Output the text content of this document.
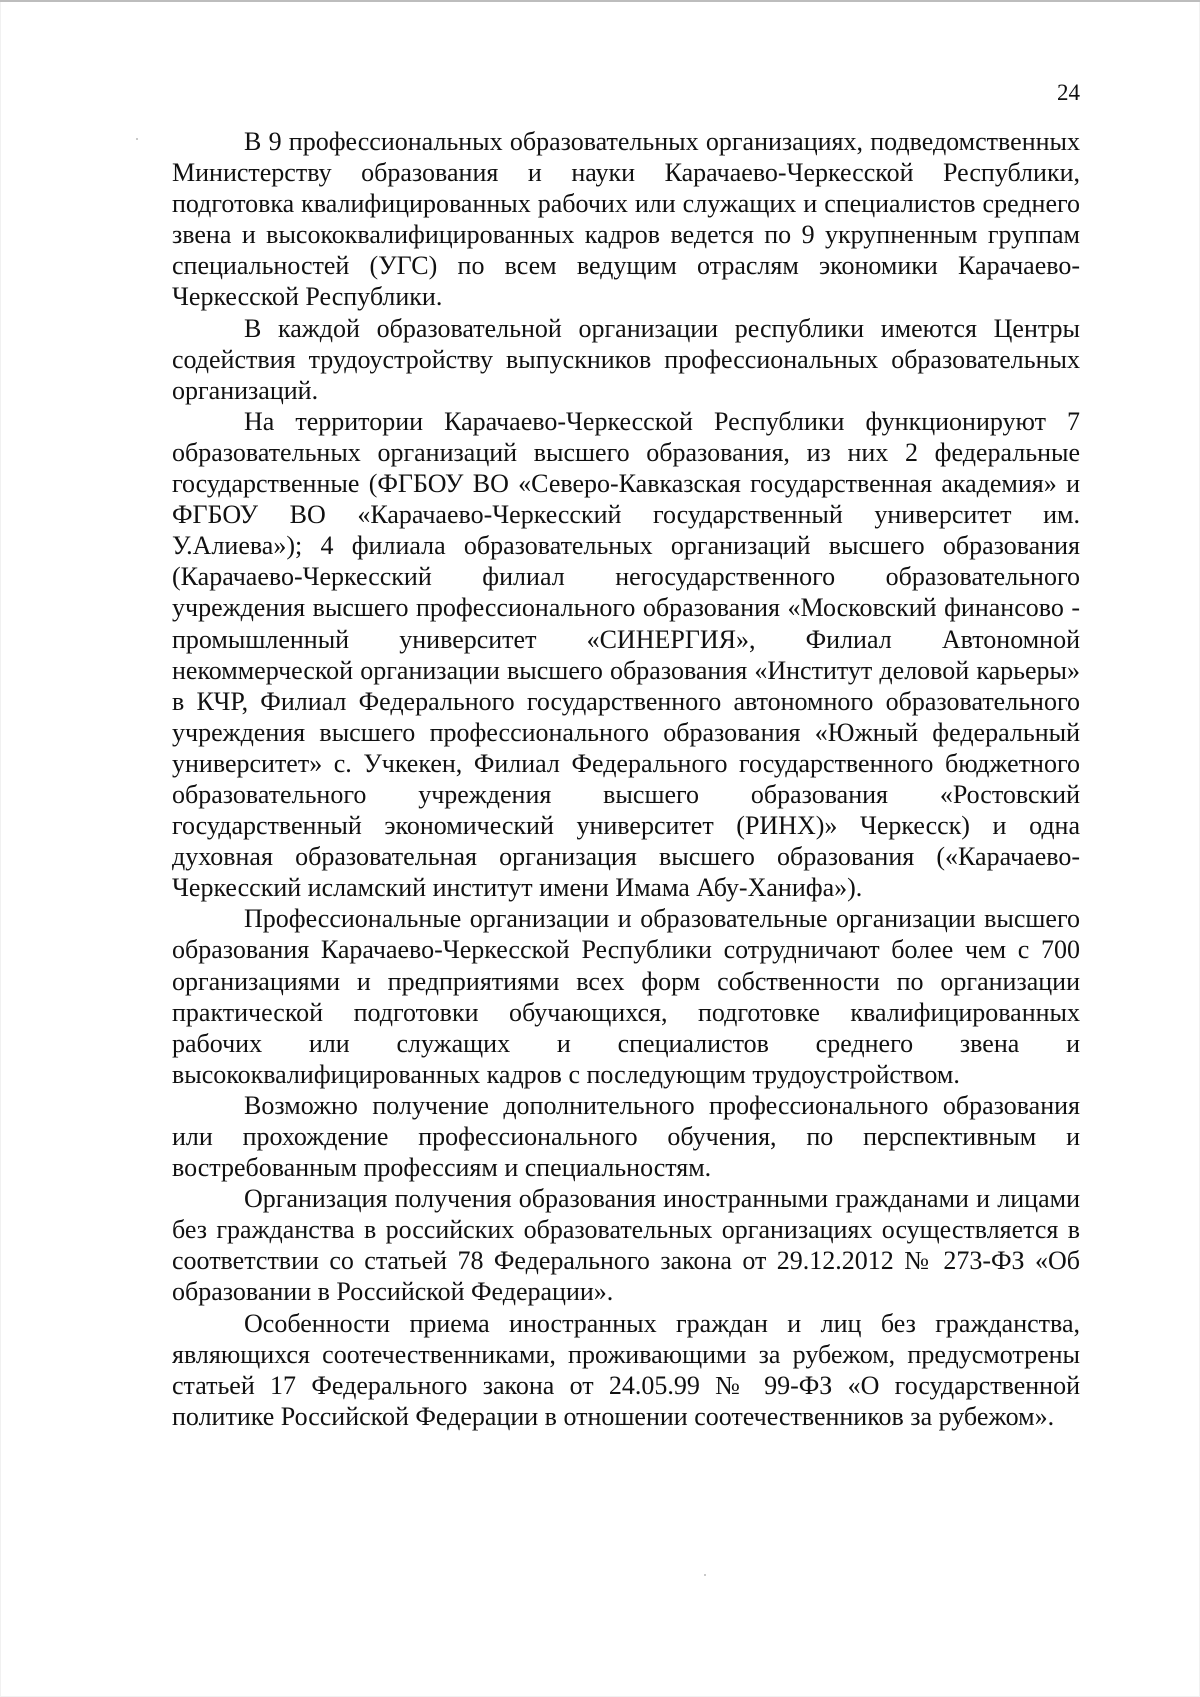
24

В 9 профессиональных образовательных организациях, подведомственных Министерству образования и науки Карачаево-Черкесской Республики, подготовка квалифицированных рабочих или служащих и специалистов среднего звена и высококвалифицированных кадров ведется по 9 укрупненным группам специальностей (УГС) по всем ведущим отраслям экономики Карачаево-Черкесской Республики.

В каждой образовательной организации республики имеются Центры содействия трудоустройству выпускников профессиональных образовательных организаций.

На территории Карачаево-Черкесской Республики функционируют 7 образовательных организаций высшего образования, из них 2 федеральные государственные (ФГБОУ ВО «Северо-Кавказская государственная академия» и ФГБОУ ВО «Карачаево-Черкесский государственный университет им. У.Алиева»); 4 филиала образовательных организаций высшего образования (Карачаево-Черкесский филиал негосударственного образовательного учреждения высшего профессионального образования «Московский финансово - промышленный университет «СИНЕРГИЯ», Филиал Автономной некоммерческой организации высшего образования «Институт деловой карьеры» в КЧР, Филиал Федерального государственного автономного образовательного учреждения высшего профессионального образования «Южный федеральный университет» с. Учкекен, Филиал Федерального государственного бюджетного образовательного учреждения высшего образования «Ростовский государственный экономический университет (РИНХ)» Черкесск) и одна духовная образовательная организация высшего образования («Карачаево-Черкесский исламский институт имени Имама Абу-Ханифа»).

Профессиональные организации и образовательные организации высшего образования Карачаево-Черкесской Республики сотрудничают более чем с 700 организациями и предприятиями всех форм собственности по организации практической подготовки обучающихся, подготовке квалифицированных рабочих или служащих и специалистов среднего звена и высококвалифицированных кадров с последующим трудоустройством.

Возможно получение дополнительного профессионального образования или прохождение профессионального обучения, по перспективным и востребованным профессиям и специальностям.

Организация получения образования иностранными гражданами и лицами без гражданства в российских образовательных организациях осуществляется в соответствии со статьей 78 Федерального закона от 29.12.2012 № 273-ФЗ «Об образовании в Российской Федерации».

Особенности приема иностранных граждан и лиц без гражданства, являющихся соотечественниками, проживающими за рубежом, предусмотрены статьей 17 Федерального закона от 24.05.99 № 99-ФЗ «О государственной политике Российской Федерации в отношении соотечественников за рубежом».
